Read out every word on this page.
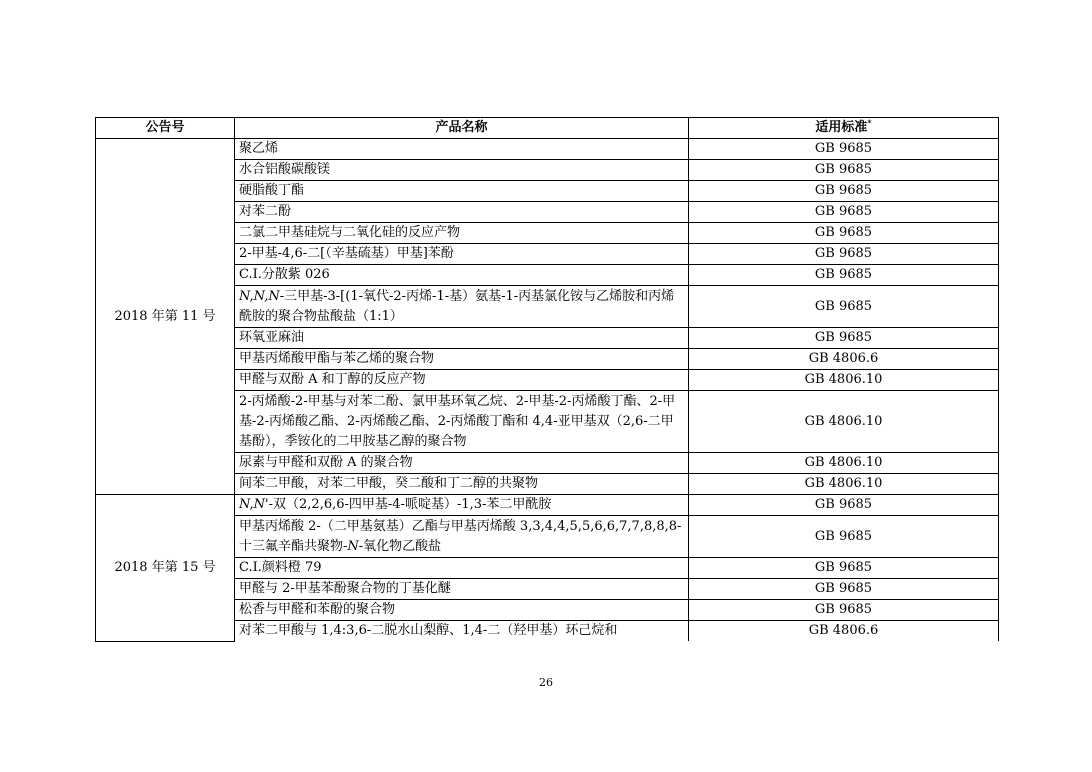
公告号	产品名称	适用标准*
2018 年第 11 号	聚乙烯	GB 9685
	水合铝酸碳酸镁	GB 9685
	硬脂酸丁酯	GB 9685
	对苯二酚	GB 9685
	二氯二甲基硅烷与二氧化硅的反应产物	GB 9685
	2-甲基-4,6-二[（辛基硫基）甲基]苯酚	GB 9685
	C.I.分散紫 026	GB 9685
	N,N,N-三甲基-3-[(1-氧代-2-丙烯-1-基）氨基-1-丙基氯化铵与乙烯胺和丙烯酰胺的聚合物盐酸盐（1:1）	GB 9685
	环氧亚麻油	GB 9685
	甲基丙烯酸甲酯与苯乙烯的聚合物	GB 4806.6
	甲醛与双酚 A 和丁醇的反应产物	GB 4806.10
	2-丙烯酸-2-甲基与对苯二酚、氯甲基环氧乙烷、2-甲基-2-丙烯酸丁酯、2-甲基-2-丙烯酸乙酯、2-丙烯酸乙酯、2-丙烯酸丁酯和 4,4-亚甲基双（2,6-二甲基酚），季铵化的二甲胺基乙醇的聚合物	GB 4806.10
	尿素与甲醛和双酚 A 的聚合物	GB 4806.10
	间苯二甲酸，对苯二甲酸，癸二酸和丁二醇的共聚物	GB 4806.10
2018 年第 15 号	N,N'-双（2,2,6,6-四甲基-4-哌啶基）-1,3-苯二甲酰胺	GB 9685
	甲基丙烯酸 2-（二甲基氨基）乙酯与甲基丙烯酸 3,3,4,4,5,5,6,6,7,7,8,8,8-十三氟辛酯共聚物-N-氧化物乙酸盐	GB 9685
	C.I.颜料橙 79	GB 9685
	甲醛与 2-甲基苯酚聚合物的丁基化醚	GB 9685
	松香与甲醛和苯酚的聚合物	GB 9685
	对苯二甲酸与 1,4:3,6-二脱水山梨醇、1,4-二（羟甲基）环己烷和	GB 4806.6
26
